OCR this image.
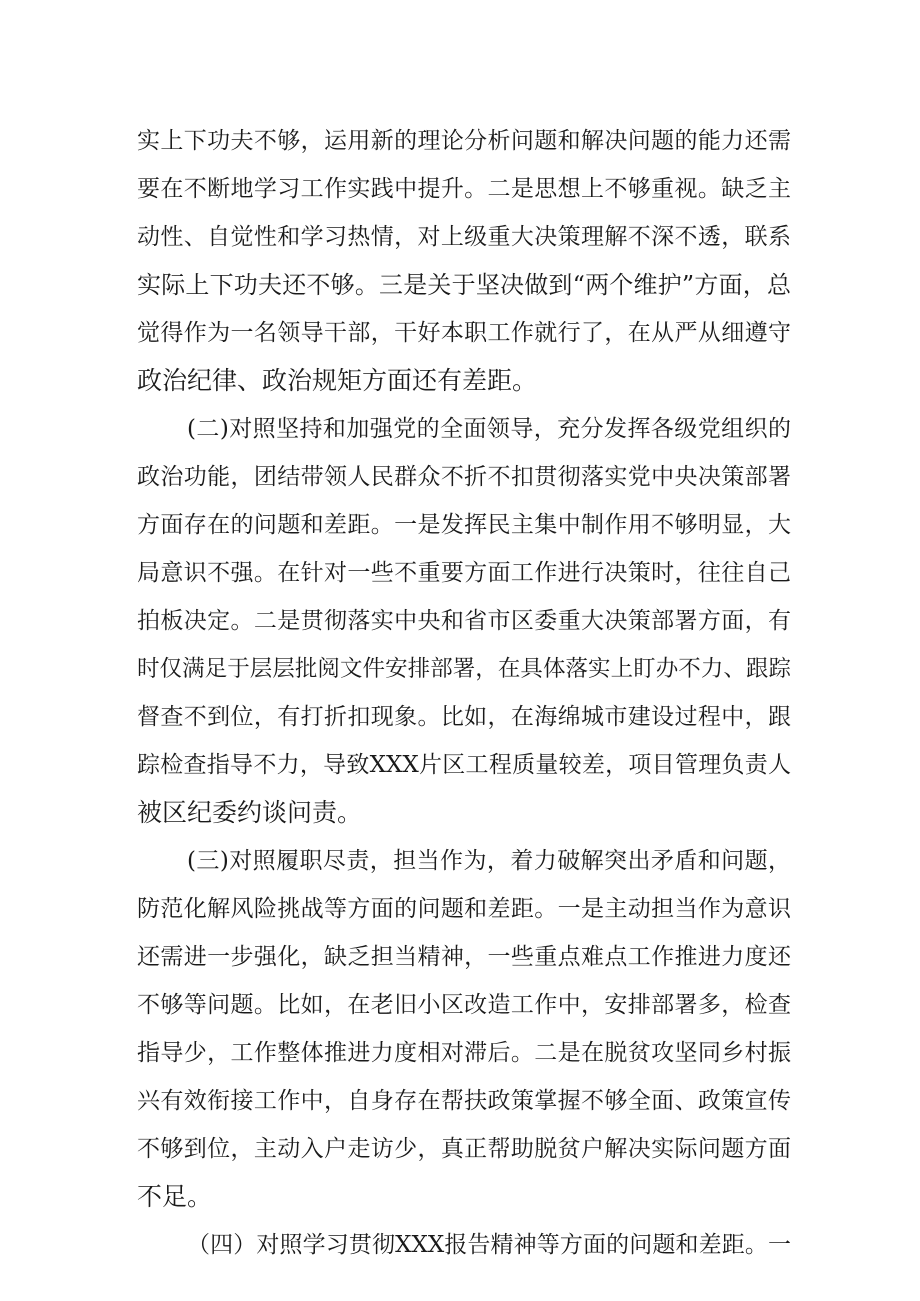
实上下功夫不够，运用新的理论分析问题和解决问题的能力还需
要在不断地学习工作实践中提升。二是思想上不够重视。缺乏主
动性、自觉性和学习热情，对上级重大决策理解不深不透，联系
实际上下功夫还不够。三是关于坚决做到“两个维护”方面，总
觉得作为一名领导干部，干好本职工作就行了，在从严从细遵守
政治纪律、政治规矩方面还有差距。
(二)对照坚持和加强党的全面领导，充分发挥各级党组织的
政治功能，团结带领人民群众不折不扣贯彻落实党中央决策部署
方面存在的问题和差距。一是发挥民主集中制作用不够明显，大
局意识不强。在针对一些不重要方面工作进行决策时，往往自己
拍板决定。二是贯彻落实中央和省市区委重大决策部署方面，有
时仅满足于层层批阅文件安排部署，在具体落实上盯办不力、跟踪
督查不到位，有打折扣现象。比如，在海绵城市建设过程中，跟
踪检查指导不力，导致XXX片区工程质量较差，项目管理负责人
被区纪委约谈问责。
(三)对照履职尽责，担当作为，着力破解突出矛盾和问题，
防范化解风险挑战等方面的问题和差距。一是主动担当作为意识
还需进一步强化，缺乏担当精神，一些重点难点工作推进力度还
不够等问题。比如，在老旧小区改造工作中，安排部署多，检查
指导少，工作整体推进力度相对滞后。二是在脱贫攻坚同乡村振
兴有效衔接工作中，自身存在帮扶政策掌握不够全面、政策宣传
不够到位，主动入户走访少，真正帮助脱贫户解决实际问题方面
不足。
（四）对照学习贯彻XXX报告精神等方面的问题和差距。一
